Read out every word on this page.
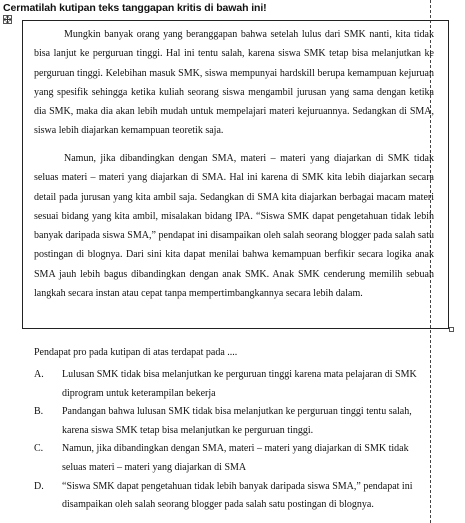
Cermatilah kutipan teks tanggapan kritis di bawah ini!

Mungkin banyak orang yang beranggapan bahwa setelah lulus dari SMK nanti, kita tidak bisa lanjut ke perguruan tinggi. Hal ini tentu salah, karena siswa SMK tetap bisa melanjutkan ke perguruan tinggi. Kelebihan masuk SMK, siswa mempunyai hardskill berupa kemampuan kejuruan yang spesifik sehingga ketika kuliah seorang siswa mengambil jurusan yang sama dengan ketika dia SMK, maka dia akan lebih mudah untuk mempelajari materi kejuruannya. Sedangkan di SMA, siswa lebih diajarkan kemampuan teoretik saja.

Namun, jika dibandingkan dengan SMA, materi – materi yang diajarkan di SMK tidak seluas materi – materi yang diajarkan di SMA. Hal ini karena di SMK kita lebih diajarkan secara detail pada jurusan yang kita ambil saja. Sedangkan di SMA kita diajarkan berbagai macam materi sesuai bidang yang kita ambil, misalakan bidang IPA. “Siswa SMK dapat pengetahuan tidak lebih banyak daripada siswa SMA,” pendapat ini disampaikan oleh salah seorang blogger pada salah satu postingan di blognya. Dari sini kita dapat menilai bahwa kemampuan berfikir secara logika anak SMA jauh lebih bagus dibandingkan dengan anak SMK. Anak SMK cenderung memilih sebuah langkah secara instan atau cepat tanpa mempertimbangkannya secara lebih dalam.

Pendapat pro pada kutipan di atas terdapat pada ....

A. Lulusan SMK tidak bisa melanjutkan ke perguruan tinggi karena mata pelajaran di SMK diprogram untuk keterampilan bekerja
B. Pandangan bahwa lulusan SMK tidak bisa melanjutkan ke perguruan tinggi tentu salah, karena siswa SMK tetap bisa melanjutkan ke perguruan tinggi.
C. Namun, jika dibandingkan dengan SMA, materi – materi yang diajarkan di SMK tidak seluas materi – materi yang diajarkan di SMA
D. “Siswa SMK dapat pengetahuan tidak lebih banyak daripada siswa SMA,” pendapat ini disampaikan oleh salah seorang blogger pada salah satu postingan di blognya.
